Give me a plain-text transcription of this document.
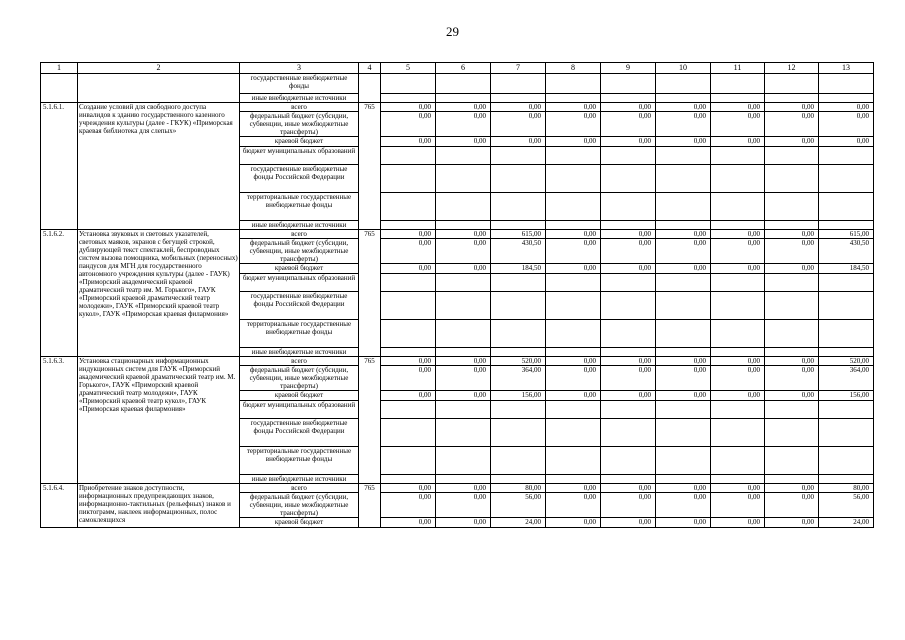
29
1	2	3	4	5	6	7	8	9	10	11	12	13
		государственные внебюджетные фонды										
		иные внебюджетные источники										
5.1.6.1.	Создание условий для свободного доступа инвалидов к зданию государственного казенного учреждения культуры (далее - ГКУК) «Приморская краевая библиотека для слепых»	всего	765	0,00	0,00	0,00	0,00	0,00	0,00	0,00	0,00	0,00
		федеральный бюджет (субсидии, субвенции, иные межбюджетные трансферты)		0,00	0,00	0,00	0,00	0,00	0,00	0,00	0,00	0,00
		краевой бюджет		0,00	0,00	0,00	0,00	0,00	0,00	0,00	0,00	0,00
		бюджет муниципальных образований										
		государственные внебюджетные фонды Российской Федерации										
		территориальные государственные внебюджетные фонды										
		иные внебюджетные источники										
5.1.6.2.	Установка звуковых и световых указателей, световых маяков, экранов с бегущей строкой, дублирующей текст спектаклей, беспроводных систем вызова помощника, мобильных (переносных) пандусов для МГН для государственного автономного учреждения культуры (далее - ГАУК) «Приморский академический краевой драматический театр им. М. Горького», ГАУК «Приморский краевой драматический театр молодежи», ГАУК «Приморский краевой театр кукол», ГАУК «Приморская краевая филармония»	всего	765	0,00	0,00	615,00	0,00	0,00	0,00	0,00	0,00	615,00
		федеральный бюджет (субсидии, субвенции, иные межбюджетные трансферты)		0,00	0,00	430,50	0,00	0,00	0,00	0,00	0,00	430,50
		краевой бюджет		0,00	0,00	184,50	0,00	0,00	0,00	0,00	0,00	184,50
		бюджет муниципальных образований										
		государственные внебюджетные фонды Российской Федерации										
		территориальные государственные внебюджетные фонды										
		иные внебюджетные источники										
5.1.6.3.	Установка стационарных информационных индукционных систем для ГАУК «Приморский академический краевой драматический театр им. М. Горького», ГАУК «Приморский краевой драматический театр молодежи», ГАУК «Приморский краевой театр кукол», ГАУК «Приморская краевая филармония»	всего	765	0,00	0,00	520,00	0,00	0,00	0,00	0,00	0,00	520,00
		федеральный бюджет (субсидии, субвенции, иные межбюджетные трансферты)		0,00	0,00	364,00	0,00	0,00	0,00	0,00	0,00	364,00
		краевой бюджет		0,00	0,00	156,00	0,00	0,00	0,00	0,00	0,00	156,00
		бюджет муниципальных образований										
		государственные внебюджетные фонды Российской Федерации										
		территориальные государственные внебюджетные фонды										
		иные внебюджетные источники										
5.1.6.4.	Приобретение знаков доступности, информационных предупреждающих знаков, информационно-тактильных (рельефных) знаков и пиктограмм, наклеек информационных, полос самоклеящихся	всего	765	0,00	0,00	80,00	0,00	0,00	0,00	0,00	0,00	80,00
		федеральный бюджет (субсидии, субвенции, иные межбюджетные трансферты)		0,00	0,00	56,00	0,00	0,00	0,00	0,00	0,00	56,00
		краевой бюджет		0,00	0,00	24,00	0,00	0,00	0,00	0,00	0,00	24,00
